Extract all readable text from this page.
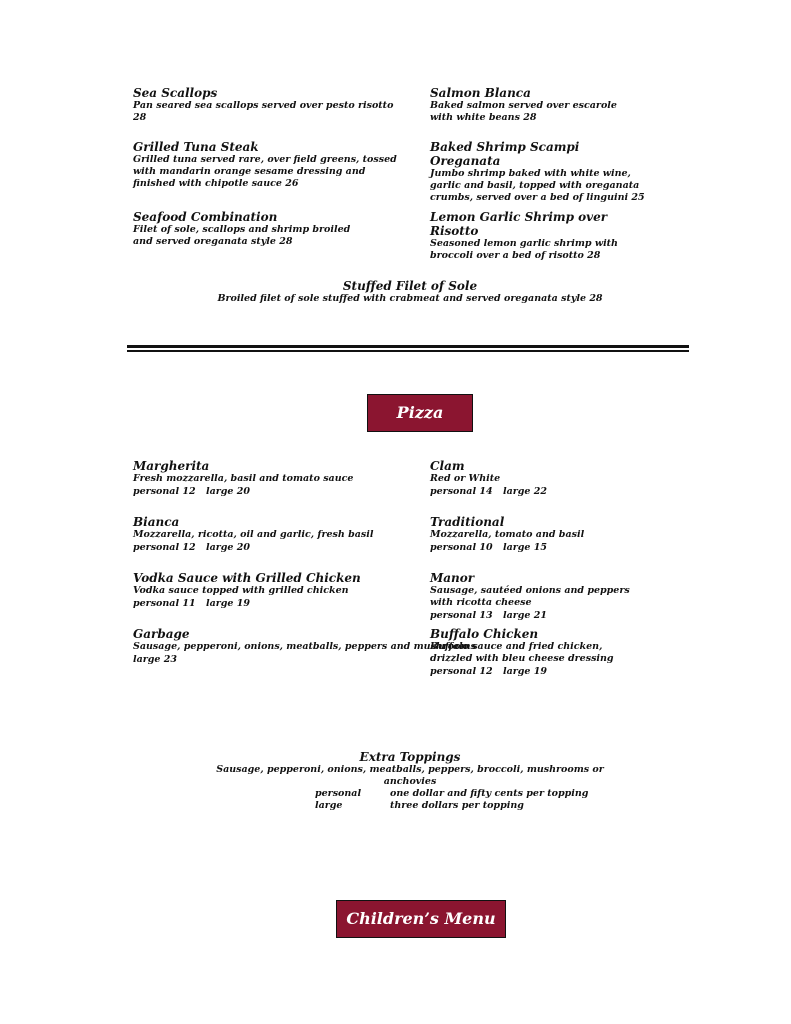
Sea Scallops

Pan seared sea scallops served over pesto risotto 28

Grilled Tuna Steak

Grilled tuna served rare, over field greens, tossed with mandarin orange sesame dressing and finished with chipotle sauce 26

Seafood Combination

Filet of sole, scallops and shrimp broiled and served oreganata style 28

Salmon Blanca

Baked salmon served over escarole with white beans 28

Baked Shrimp Scampi Oreganata

Jumbo shrimp baked with white wine, garlic and basil, topped with oreganata crumbs, served over a bed of linguini 25

Lemon Garlic Shrimp over Risotto

Seasoned lemon garlic shrimp with broccoli over a bed of risotto 28

Stuffed Filet of Sole

Broiled filet of sole stuffed with crabmeat and served oreganata style 28

Pizza

Margherita

Fresh mozzarella, basil and tomato sauce

personal 12 large 20

Bianca

Mozzarella, ricotta, oil and garlic, fresh basil

personal 12 large 20

Vodka Sauce with Grilled Chicken

Vodka sauce topped with grilled chicken

personal 11 large 19

Garbage

Sausage, pepperoni, onions, meatballs, peppers and mushrooms

large 23

Clam

Red or White

personal 14 large 22

Traditional

Mozzarella, tomato and basil

personal 10 large 15

Manor

Sausage, sautéed onions and peppers with ricotta cheese

personal 13 large 21

Buffalo Chicken

Buffalo sauce and fried chicken, drizzled with bleu cheese dressing

personal 12 large 19

Extra Toppings
Sausage, pepperoni, onions, meatballs, peppers, broccoli, mushrooms or anchovies
personal	one dollar and fifty cents per topping
large	three dollars per topping
Children’s Menu
